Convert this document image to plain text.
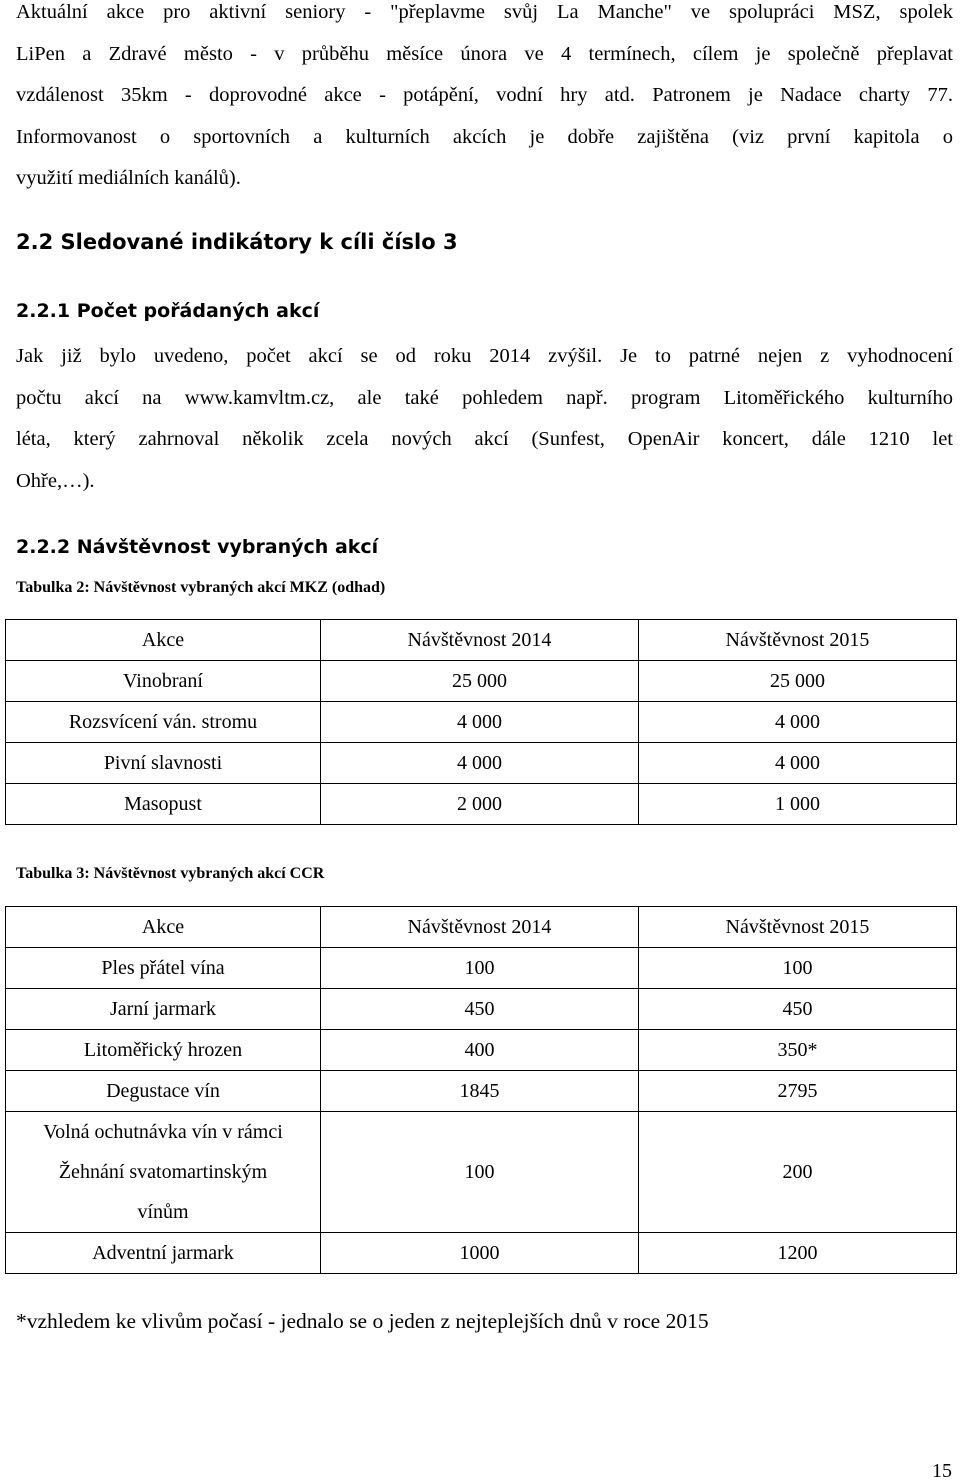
Aktuální akce pro aktivní seniory - "přeplavme svůj La Manche" ve spolupráci MSZ, spolek
LiPen a Zdravé město - v průběhu měsíce února ve 4 termínech, cílem je společně přeplavat
vzdálenost 35km - doprovodné akce - potápění, vodní hry atd. Patronem je Nadace charty 77.
Informovanost o sportovních a kulturních akcích je dobře zajištěna (viz první kapitola o
využití mediálních kanálů).
2.2 Sledované indikátory k cíli číslo 3
2.2.1 Počet pořádaných akcí
Jak již bylo uvedeno, počet akcí se od roku 2014 zvýšil. Je to patrné nejen z vyhodnocení
počtu akcí na www.kamvltm.cz, ale také pohledem např. program Litoměřického kulturního
léta, který zahrnoval několik zcela nových akcí (Sunfest, OpenAir koncert, dále 1210 let
Ohře,…).
2.2.2 Návštěvnost vybraných akcí

Tabulka 2: Návštěvnost vybraných akcí MKZ (odhad)

Akce	Návštěvnost 2014	Návštěvnost 2015
Vinobraní	25 000	25 000
Rozsvícení ván. stromu	4 000	4 000
Pivní slavnosti	4 000	4 000
Masopust	2 000	1 000

Tabulka 3: Návštěvnost vybraných akcí CCR

Akce	Návštěvnost 2014	Návštěvnost 2015
Ples přátel vína	100	100
Jarní jarmark	450	450
Litoměřický hrozen	400	350*
Degustace vín	1845	2795

Volná ochutnávka vín v rámci
Žehnání svatomartinským
vínům	100	200
Adventní jarmark	1000	1200

*vzhledem ke vlivům počasí - jednalo se o jeden z nejteplejších dnů v roce 2015

15
